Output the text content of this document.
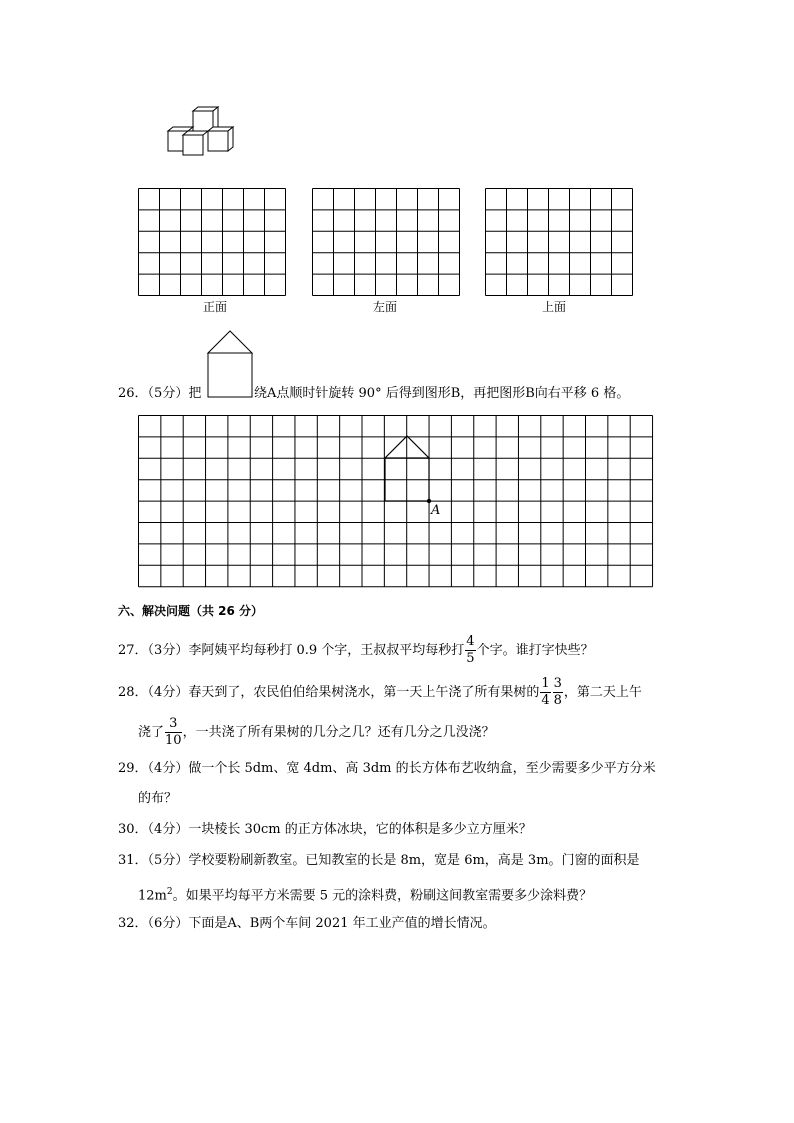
正面	左面	上面
26．（5分）把	绕A点顺时针旋转 90° 后得到图形B，再把图形B向右平移 6 格。
A
六、解决问题（共 26 分）
27．（3分）李阿姨平均每秒打 0.9 个字，王叔叔平均每秒打 $\frac{4}{5}$ 个字。谁打字快些？
28．（4分）春天到了，农民伯伯给果树浇水，第一天上午浇了所有果树的 $\frac{1}{4} \frac{3}{8}$ ，第二天上午
浇了 $\frac{3}{10}$ ，一共浇了所有果树的几分之几？还有几分之几没浇？
29．（4分）做一个长 5dm、宽 4dm、高 3dm 的长方体布艺收纳盒，至少需要多少平方分米
的布？
30．（4分）一块棱长 30cm 的正方体冰块，它的体积是多少立方厘米？
31．（5分）学校要粉刷新教室。已知教室的长是 8m，宽是 6m，高是 3m。门窗的面积是
$12m^2$。如果平均每平方米需要 5 元的涂料费，粉刷这间教室需要多少涂料费？
32．（6分）下面是A、B两个车间 2021 年工业产值的增长情况。
